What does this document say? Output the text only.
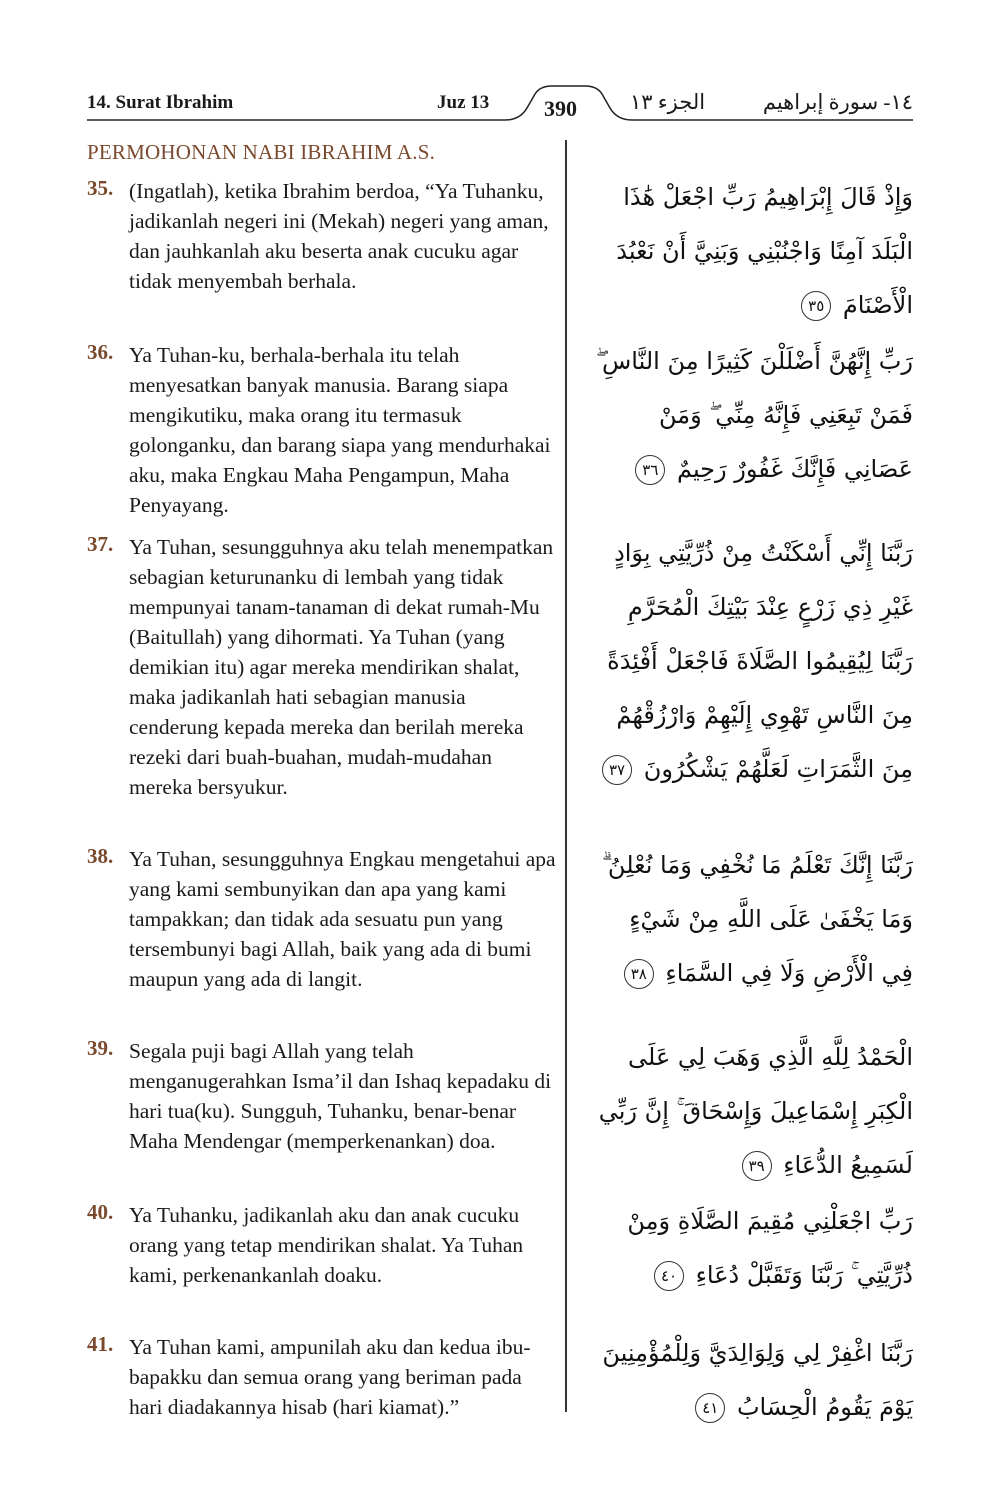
14. Surat Ibrahim	Juz 13 390	الجزء ١٣	١٤- سورة إبراهيم
PERMOHONAN NABI IBRAHIM A.S.
35. (Ingatlah), ketika Ibrahim berdoa, “Ya Tuhanku, jadikanlah negeri ini (Mekah) negeri yang aman, dan jauhkanlah aku beserta anak cucuku agar tidak menyembah berhala.
وَإِذْ قَالَ إِبْرَاهِيمُ رَبِّ اجْعَلْ هَٰذَا الْبَلَدَ آمِنًا وَاجْنُبْنِي وَبَنِيَّ أَنْ نَعْبُدَ الْأَصْنَامَ ٣٥
36. Ya Tuhan-ku, berhala-berhala itu telah menyesatkan banyak manusia. Barang siapa mengikutiku, maka orang itu termasuk golonganku, dan barang siapa yang mendurhakai aku, maka Engkau Maha Pengampun, Maha Penyayang.
رَبِّ إِنَّهُنَّ أَضْلَلْنَ كَثِيرًا مِنَ النَّاسِ ۖ فَمَنْ تَبِعَنِي فَإِنَّهُ مِنِّي ۖ وَمَنْ عَصَانِي فَإِنَّكَ غَفُورٌ رَحِيمٌ ٣٦
37. Ya Tuhan, sesungguhnya aku telah menempatkan sebagian keturunanku di lembah yang tidak mempunyai tanam-tanaman di dekat rumah-Mu (Baitullah) yang dihormati. Ya Tuhan (yang demikian itu) agar mereka mendirikan shalat, maka jadikanlah hati sebagian manusia cenderung kepada mereka dan berilah mereka rezeki dari buah-buahan, mudah-mudahan mereka bersyukur.
رَبَّنَا إِنِّي أَسْكَنْتُ مِنْ ذُرِّيَّتِي بِوَادٍ غَيْرِ ذِي زَرْعٍ عِنْدَ بَيْتِكَ الْمُحَرَّمِ رَبَّنَا لِيُقِيمُوا الصَّلَاةَ فَاجْعَلْ أَفْئِدَةً مِنَ النَّاسِ تَهْوِي إِلَيْهِمْ وَارْزُقْهُمْ مِنَ الثَّمَرَاتِ لَعَلَّهُمْ يَشْكُرُونَ ٣٧
38. Ya Tuhan, sesungguhnya Engkau mengetahui apa yang kami sembunyikan dan apa yang kami tampakkan; dan tidak ada sesuatu pun yang tersembunyi bagi Allah, baik yang ada di bumi maupun yang ada di langit.
رَبَّنَا إِنَّكَ تَعْلَمُ مَا نُخْفِي وَمَا نُعْلِنُ ۗ وَمَا يَخْفَىٰ عَلَى اللَّهِ مِنْ شَيْءٍ فِي الْأَرْضِ وَلَا فِي السَّمَاءِ ٣٨
39. Segala puji bagi Allah yang telah menganugerahkan Isma’il dan Ishaq kepadaku di hari tua(ku). Sungguh, Tuhanku, benar-benar Maha Mendengar (memperkenankan) doa.
الْحَمْدُ لِلَّهِ الَّذِي وَهَبَ لِي عَلَى الْكِبَرِ إِسْمَاعِيلَ وَإِسْحَاقَ ۚ إِنَّ رَبِّي لَسَمِيعُ الدُّعَاءِ ٣٩
40. Ya Tuhanku, jadikanlah aku dan anak cucuku orang yang tetap mendirikan shalat. Ya Tuhan kami, perkenankanlah doaku.
رَبِّ اجْعَلْنِي مُقِيمَ الصَّلَاةِ وَمِنْ ذُرِّيَّتِي ۚ رَبَّنَا وَتَقَبَّلْ دُعَاءِ ٤٠
41. Ya Tuhan kami, ampunilah aku dan kedua ibu-bapakku dan semua orang yang beriman pada hari diadakannya hisab (hari kiamat).”
رَبَّنَا اغْفِرْ لِي وَلِوَالِدَيَّ وَلِلْمُؤْمِنِينَ يَوْمَ يَقُومُ الْحِسَابُ ٤١
